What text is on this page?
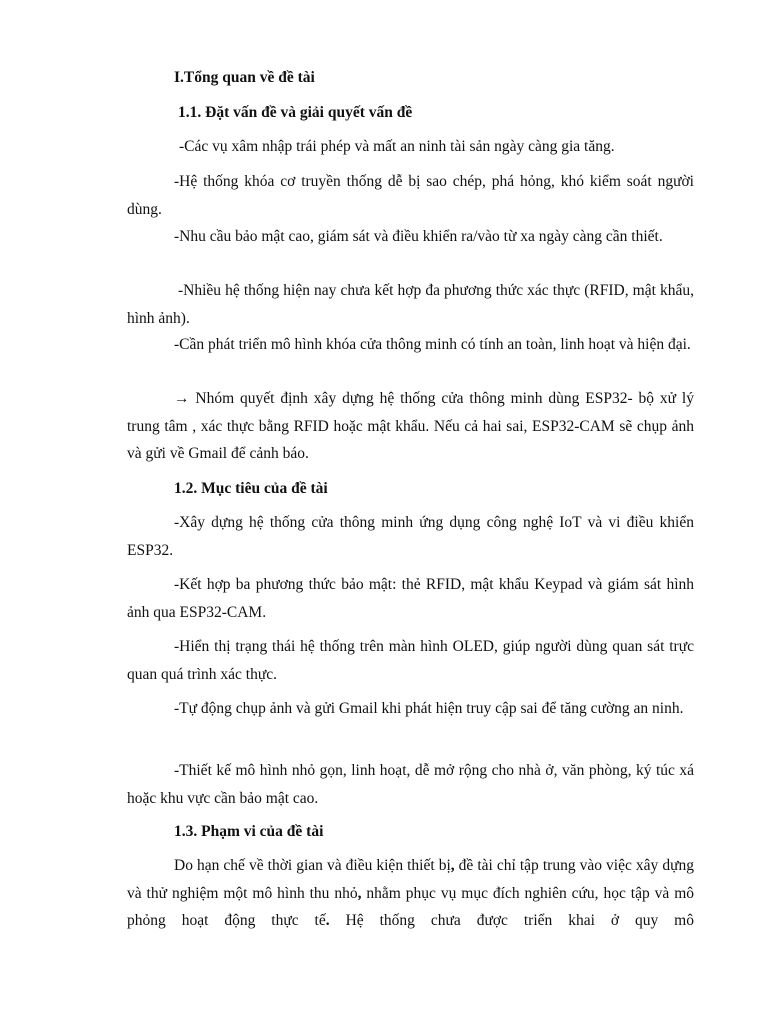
I.Tổng quan về đề tài
1.1. Đặt vấn đề và giải quyết vấn đề

-Các vụ xâm nhập trái phép và mất an ninh tài sản ngày càng gia tăng.

-Hệ thống khóa cơ truyền thống dễ bị sao chép, phá hỏng, khó kiểm soát người dùng.

-Nhu cầu bảo mật cao, giám sát và điều khiển ra/vào từ xa ngày càng cần thiết.

-Nhiều hệ thống hiện nay chưa kết hợp đa phương thức xác thực (RFID, mật khẩu, hình ảnh).

-Cần phát triển mô hình khóa cửa thông minh có tính an toàn, linh hoạt và hiện đại.

→ Nhóm quyết định xây dựng hệ thống cửa thông minh dùng ESP32- bộ xử lý trung tâm , xác thực bằng RFID hoặc mật khẩu. Nếu cả hai sai, ESP32-CAM sẽ chụp ảnh và gửi về Gmail để cảnh báo.

1.2. Mục tiêu của đề tài

-Xây dựng hệ thống cửa thông minh ứng dụng công nghệ IoT và vi điều khiển ESP32.

-Kết hợp ba phương thức bảo mật: thẻ RFID, mật khẩu Keypad và giám sát hình ảnh qua ESP32-CAM.

-Hiển thị trạng thái hệ thống trên màn hình OLED, giúp người dùng quan sát trực quan quá trình xác thực.

-Tự động chụp ảnh và gửi Gmail khi phát hiện truy cập sai để tăng cường an ninh.

-Thiết kế mô hình nhỏ gọn, linh hoạt, dễ mở rộng cho nhà ở, văn phòng, ký túc xá hoặc khu vực cần bảo mật cao.

1.3. Phạm vi của đề tài

Do hạn chế về thời gian và điều kiện thiết bị, đề tài chỉ tập trung vào việc xây dựng và thử nghiệm một mô hình thu nhỏ, nhằm phục vụ mục đích nghiên cứu, học tập và mô phỏng hoạt động thực tế. Hệ thống chưa được triển khai ở quy mô
